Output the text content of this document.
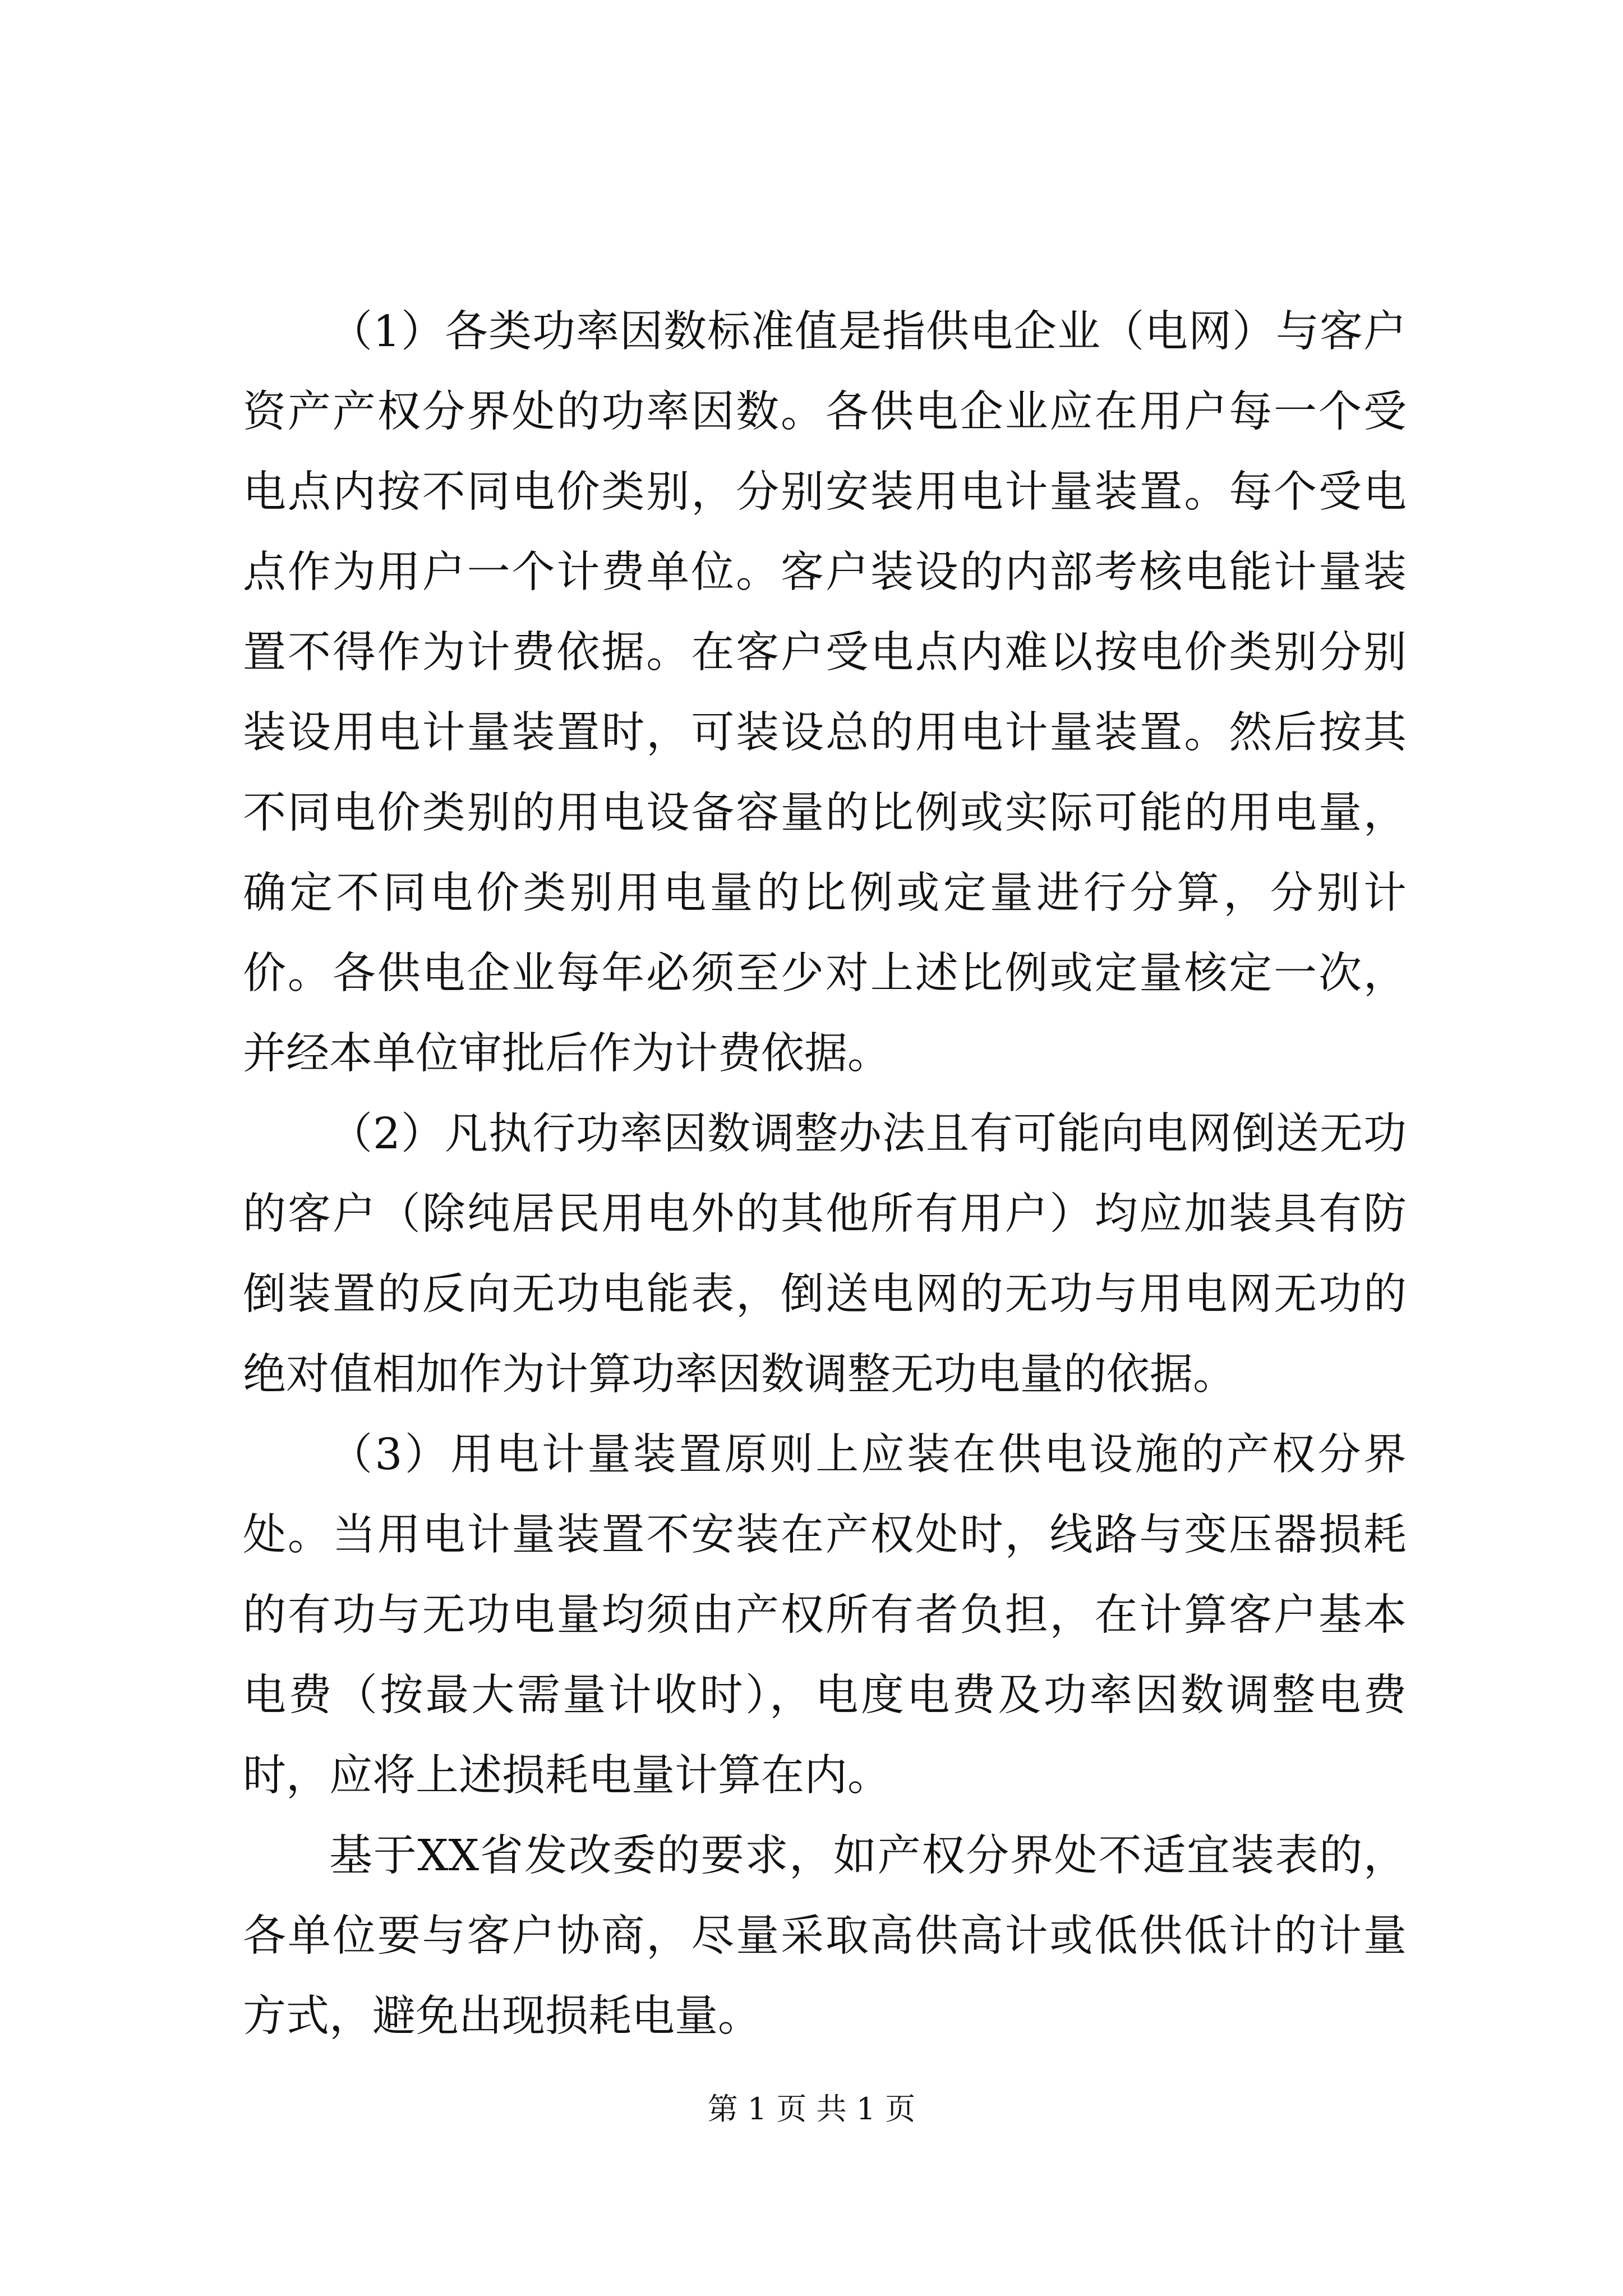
（1）各类功率因数标准值是指供电企业（电网）与客户资产产权分界处的功率因数。各供电企业应在用户每一个受电点内按不同电价类别，分别安装用电计量装置。每个受电点作为用户一个计费单位。客户装设的内部考核电能计量装置不得作为计费依据。在客户受电点内难以按电价类别分别装设用电计量装置时，可装设总的用电计量装置。然后按其不同电价类别的用电设备容量的比例或实际可能的用电量，确定不同电价类别用电量的比例或定量进行分算，分别计价。各供电企业每年必须至少对上述比例或定量核定一次，并经本单位审批后作为计费依据。

（2）凡执行功率因数调整办法且有可能向电网倒送无功的客户（除纯居民用电外的其他所有用户）均应加装具有防倒装置的反向无功电能表，倒送电网的无功与用电网无功的绝对值相加作为计算功率因数调整无功电量的依据。

（3）用电计量装置原则上应装在供电设施的产权分界处。当用电计量装置不安装在产权处时，线路与变压器损耗的有功与无功电量均须由产权所有者负担，在计算客户基本电费（按最大需量计收时），电度电费及功率因数调整电费时，应将上述损耗电量计算在内。

基于XX省发改委的要求，如产权分界处不适宜装表的，各单位要与客户协商，尽量采取高供高计或低供低计的计量方式，避免出现损耗电量。

第 1 页 共 1 页
